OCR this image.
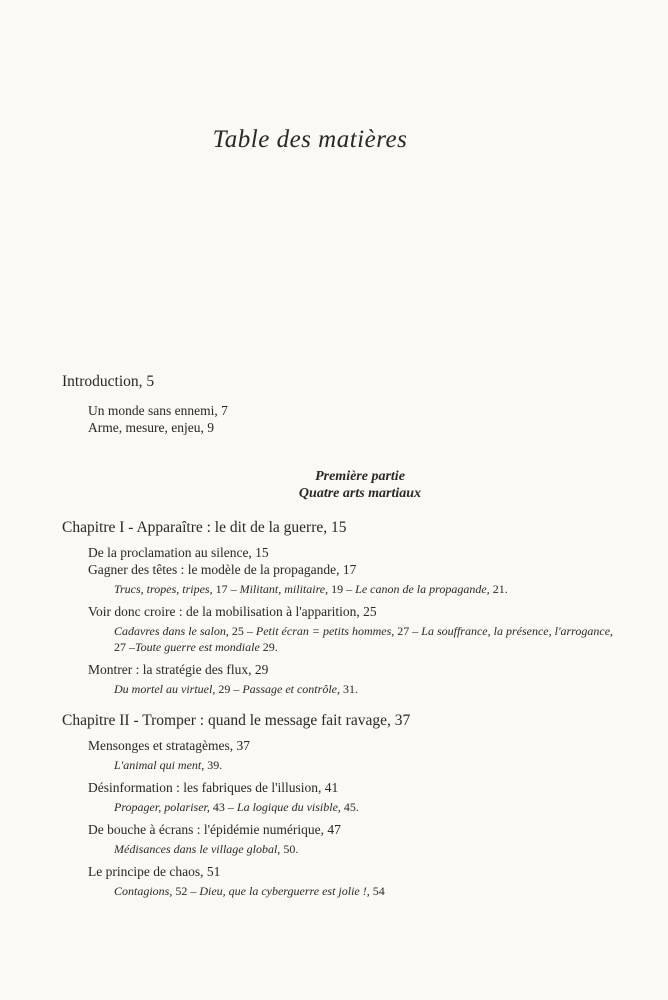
Table des matières

Introduction, 5

Un monde sans ennemi, 7

Arme, mesure, enjeu, 9

Première partie

Quatre arts martiaux

Chapitre I - Apparaître : le dit de la guerre, 15

De la proclamation au silence, 15

Gagner des têtes : le modèle de la propagande, 17

Trucs, tropes, tripes, 17 – Militant, militaire, 19 – Le canon de la propagande, 21.

Voir donc croire : de la mobilisation à l'apparition, 25

Cadavres dans le salon, 25 – Petit écran = petits hommes, 27 – La souffrance, la présence, l'arrogance, 27 –Toute guerre est mondiale 29.

Montrer : la stratégie des flux, 29

Du mortel au virtuel, 29 – Passage et contrôle, 31.

Chapitre II - Tromper : quand le message fait ravage, 37

Mensonges et stratagèmes, 37

L'animal qui ment, 39.

Désinformation : les fabriques de l'illusion, 41

Propager, polariser, 43 – La logique du visible, 45.

De bouche à écrans : l'épidémie numérique, 47

Médisances dans le village global, 50.

Le principe de chaos, 51

Contagions, 52 – Dieu, que la cyberguerre est jolie !, 54
